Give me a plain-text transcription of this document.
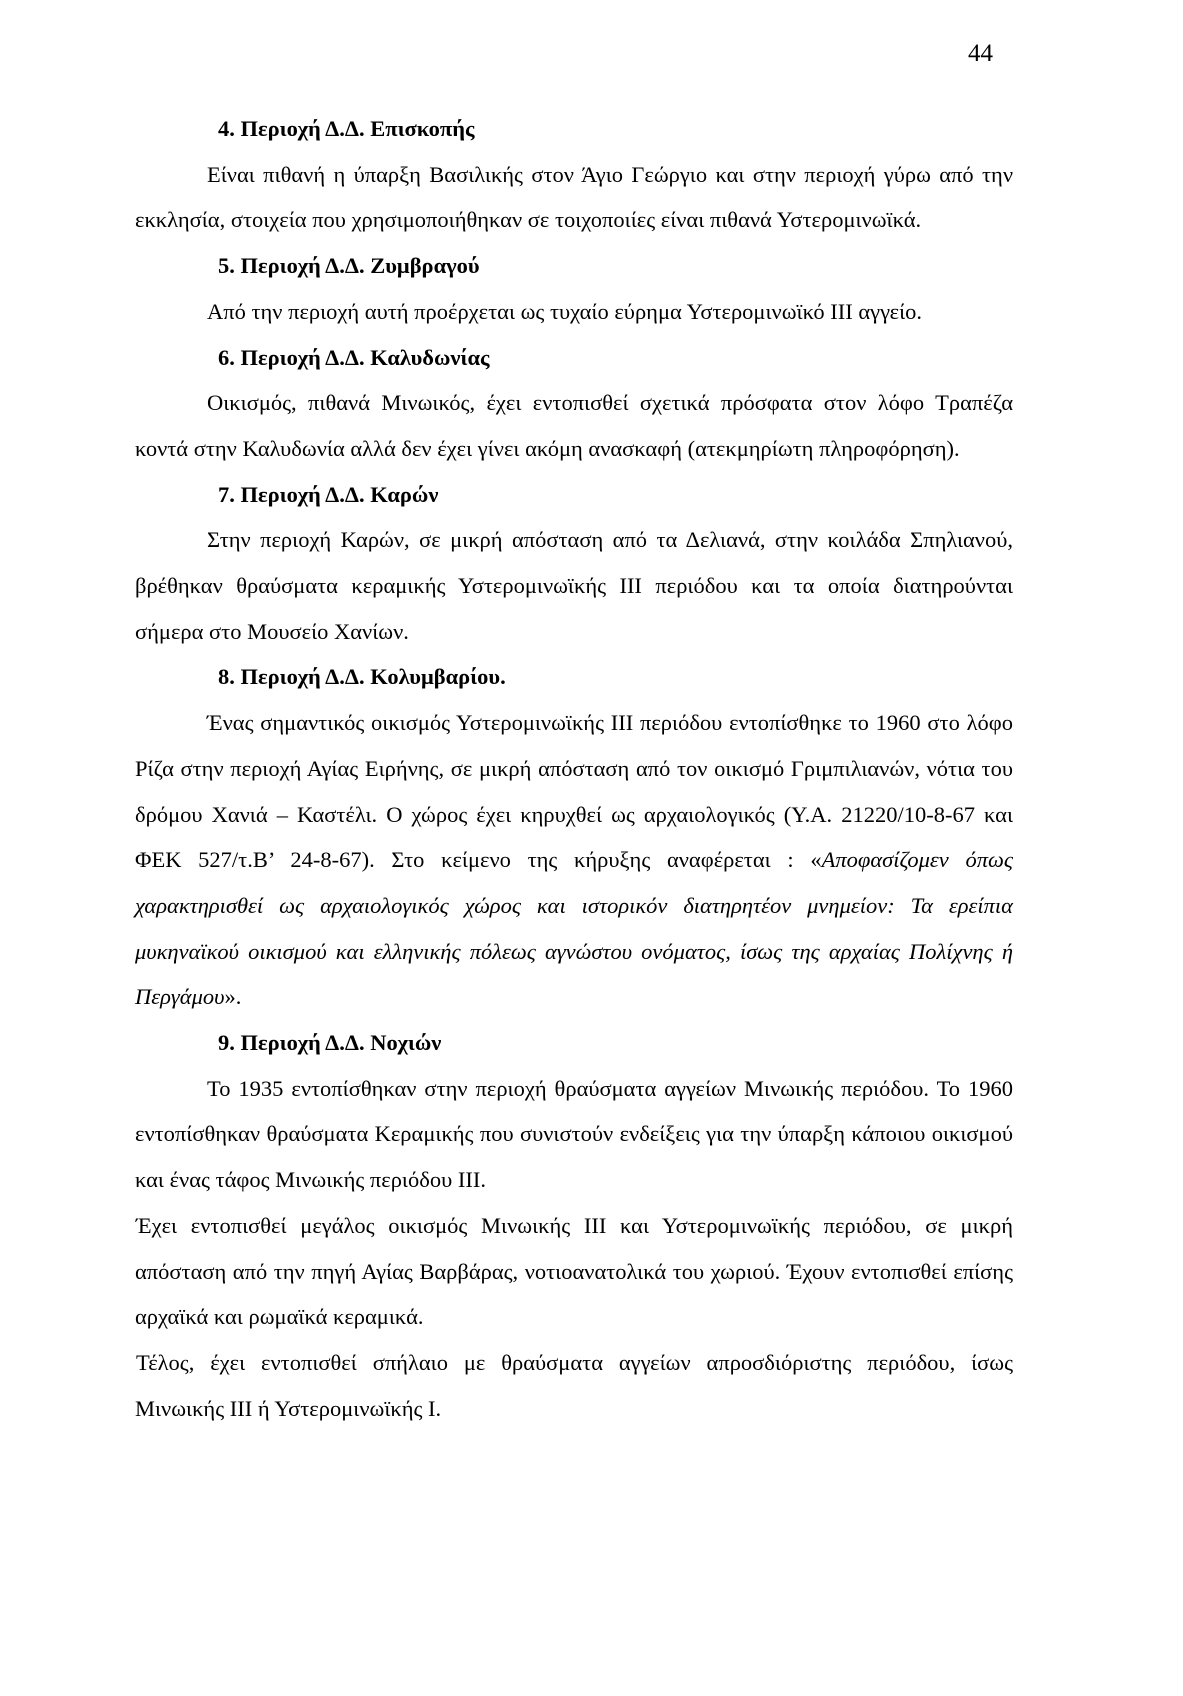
44
4. Περιοχή Δ.Δ. Επισκοπής
Είναι πιθανή η ύπαρξη Βασιλικής στον Άγιο Γεώργιο και στην περιοχή γύρω από την εκκλησία, στοιχεία που χρησιμοποιήθηκαν σε τοιχοποιίες είναι πιθανά Υστερομινωϊκά.
5. Περιοχή Δ.Δ. Ζυμβραγού
Από την περιοχή αυτή προέρχεται ως τυχαίο εύρημα Υστερομινωϊκό ΙΙΙ αγγείο.
6. Περιοχή Δ.Δ. Καλυδωνίας
Οικισμός, πιθανά Μινωικός, έχει εντοπισθεί σχετικά πρόσφατα στον λόφο Τραπέζα κοντά στην Καλυδωνία αλλά δεν έχει γίνει ακόμη ανασκαφή (ατεκμηρίωτη πληροφόρηση).
7. Περιοχή Δ.Δ. Καρών
Στην περιοχή Καρών, σε μικρή απόσταση από τα Δελιανά, στην κοιλάδα Σπηλιανού, βρέθηκαν θραύσματα κεραμικής Υστερομινωϊκής ΙΙΙ περιόδου και τα οποία διατηρούνται σήμερα στο Μουσείο Χανίων.
8. Περιοχή Δ.Δ. Κολυμβαρίου.
Ένας σημαντικός οικισμός Υστερομινωϊκής ΙΙΙ περιόδου εντοπίσθηκε το 1960 στο λόφο Ρίζα στην περιοχή Αγίας Ειρήνης, σε μικρή απόσταση από τον οικισμό Γριμπιλιανών, νότια του δρόμου Χανιά – Καστέλι. Ο χώρος έχει κηρυχθεί ως αρχαιολογικός (Υ.Α. 21220/10-8-67 και ΦΕΚ 527/τ.Β’ 24-8-67). Στο κείμενο της κήρυξης αναφέρεται : «Αποφασίζομεν όπως χαρακτηρισθεί ως αρχαιολογικός χώρος και ιστορικόν διατηρητέον μνημείον: Τα ερείπια μυκηναϊκού οικισμού και ελληνικής πόλεως αγνώστου ονόματος, ίσως της αρχαίας Πολίχνης ή Περγάμου».
9. Περιοχή Δ.Δ. Νοχιών
Το 1935 εντοπίσθηκαν στην περιοχή θραύσματα αγγείων Μινωικής περιόδου. Το 1960 εντοπίσθηκαν θραύσματα Κεραμικής που συνιστούν ενδείξεις για την ύπαρξη κάποιου οικισμού και ένας τάφος Μινωικής περιόδου ΙΙΙ.
Έχει εντοπισθεί μεγάλος οικισμός Μινωικής ΙΙΙ και Υστερομινωϊκής περιόδου, σε μικρή απόσταση από την πηγή Αγίας Βαρβάρας, νοτιοανατολικά του χωριού. Έχουν εντοπισθεί επίσης αρχαϊκά και ρωμαϊκά κεραμικά.
Τέλος, έχει εντοπισθεί σπήλαιο με θραύσματα αγγείων απροσδιόριστης περιόδου, ίσως Μινωικής ΙΙΙ ή Υστερομινωϊκής Ι.
